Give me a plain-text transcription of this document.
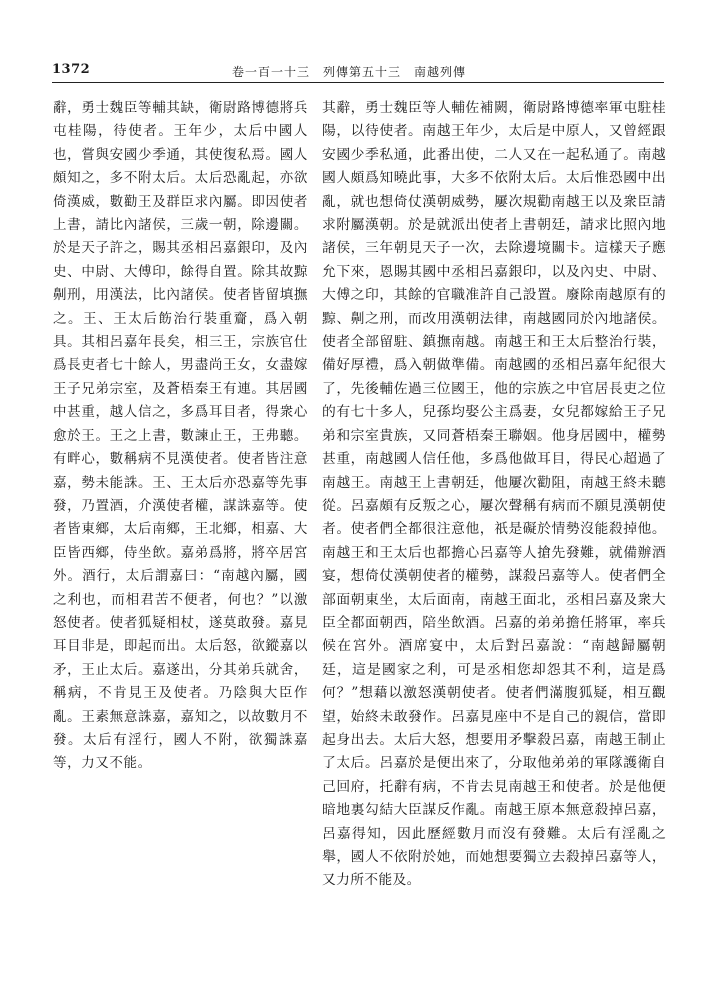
1372	卷一百一十三　列傳第五十三　南越列傳

辭，勇士魏臣等輔其缺，衛尉路博德將兵屯桂陽，待使者。王年少，太后中國人也，嘗與安國少季通，其使復私焉。國人頗知之，多不附太后。太后恐亂起，亦欲倚漢威，數勸王及群臣求內屬。即因使者上書，請比內諸侯，三歲一朝，除邊關。於是天子許之，賜其丞相呂嘉銀印，及內史、中尉、大傅印，餘得自置。除其故黥劓刑，用漢法，比內諸侯。使者皆留填撫之。王、王太后飭治行裝重齎，爲入朝具。其相呂嘉年長矣，相三王，宗族官仕爲長吏者七十餘人，男盡尚王女，女盡嫁王子兄弟宗室，及蒼梧秦王有連。其居國中甚重，越人信之，多爲耳目者，得衆心愈於王。王之上書，數諫止王，王弗聽。有畔心，數稱病不見漢使者。使者皆注意嘉，勢未能誅。王、王太后亦恐嘉等先事發，乃置酒，介漢使者權，謀誅嘉等。使者皆東鄉，太后南鄉，王北鄉，相嘉、大臣皆西鄉，侍坐飲。嘉弟爲將，將卒居宮外。酒行，太后謂嘉曰：“南越內屬，國之利也，而相君苦不便者，何也？”以激怒使者。使者狐疑相杖，遂莫敢發。嘉見耳目非是，即起而出。太后怒，欲鏦嘉以矛，王止太后。嘉遂出，分其弟兵就舍，稱病，不肯見王及使者。乃陰與大臣作亂。王素無意誅嘉，嘉知之，以故數月不發。太后有淫行，國人不附，欲獨誅嘉等，力又不能。

其辭，勇士魏臣等人輔佐補闕，衛尉路博德率軍屯駐桂陽，以待使者。南越王年少，太后是中原人，又曾經跟安國少季私通，此番出使，二人又在一起私通了。南越國人頗爲知曉此事，大多不依附太后。太后惟恐國中出亂，就也想倚仗漢朝威勢，屢次規勸南越王以及衆臣請求附屬漢朝。於是就派出使者上書朝廷，請求比照內地諸侯，三年朝見天子一次，去除邊境關卡。這樣天子應允下來，恩賜其國中丞相呂嘉銀印，以及內史、中尉、大傅之印，其餘的官職准許自己設置。廢除南越原有的黥、劓之刑，而改用漢朝法律，南越國同於內地諸侯。使者全部留駐、鎮撫南越。南越王和王太后整治行裝，備好厚禮，爲入朝做準備。南越國的丞相呂嘉年紀很大了，先後輔佐過三位國王，他的宗族之中官居長吏之位的有七十多人，兒孫均娶公主爲妻，女兒都嫁給王子兄弟和宗室貴族，又同蒼梧秦王聯姻。他身居國中，權勢甚重，南越國人信任他，多爲他做耳目，得民心超過了南越王。南越王上書朝廷，他屢次勸阻，南越王終未聽從。呂嘉頗有反叛之心，屢次聲稱有病而不願見漢朝使者。使者們全都很注意他，祇是礙於情勢沒能殺掉他。南越王和王太后也都擔心呂嘉等人搶先發難，就備辦酒宴，想倚仗漢朝使者的權勢，謀殺呂嘉等人。使者們全部面朝東坐，太后面南，南越王面北，丞相呂嘉及衆大臣全都面朝西，陪坐飲酒。呂嘉的弟弟擔任將軍，率兵候在宮外。酒席宴中，太后對呂嘉說：“南越歸屬朝廷，這是國家之利，可是丞相您却怨其不利，這是爲何？”想藉以激怒漢朝使者。使者們滿腹狐疑，相互觀望，始終未敢發作。呂嘉見座中不是自己的親信，當即起身出去。太后大怒，想要用矛擊殺呂嘉，南越王制止了太后。呂嘉於是便出來了，分取他弟弟的軍隊護衛自己回府，托辭有病，不肯去見南越王和使者。於是他便暗地裏勾結大臣謀反作亂。南越王原本無意殺掉呂嘉，呂嘉得知，因此歷經數月而沒有發難。太后有淫亂之舉，國人不依附於她，而她想要獨立去殺掉呂嘉等人，又力所不能及。
